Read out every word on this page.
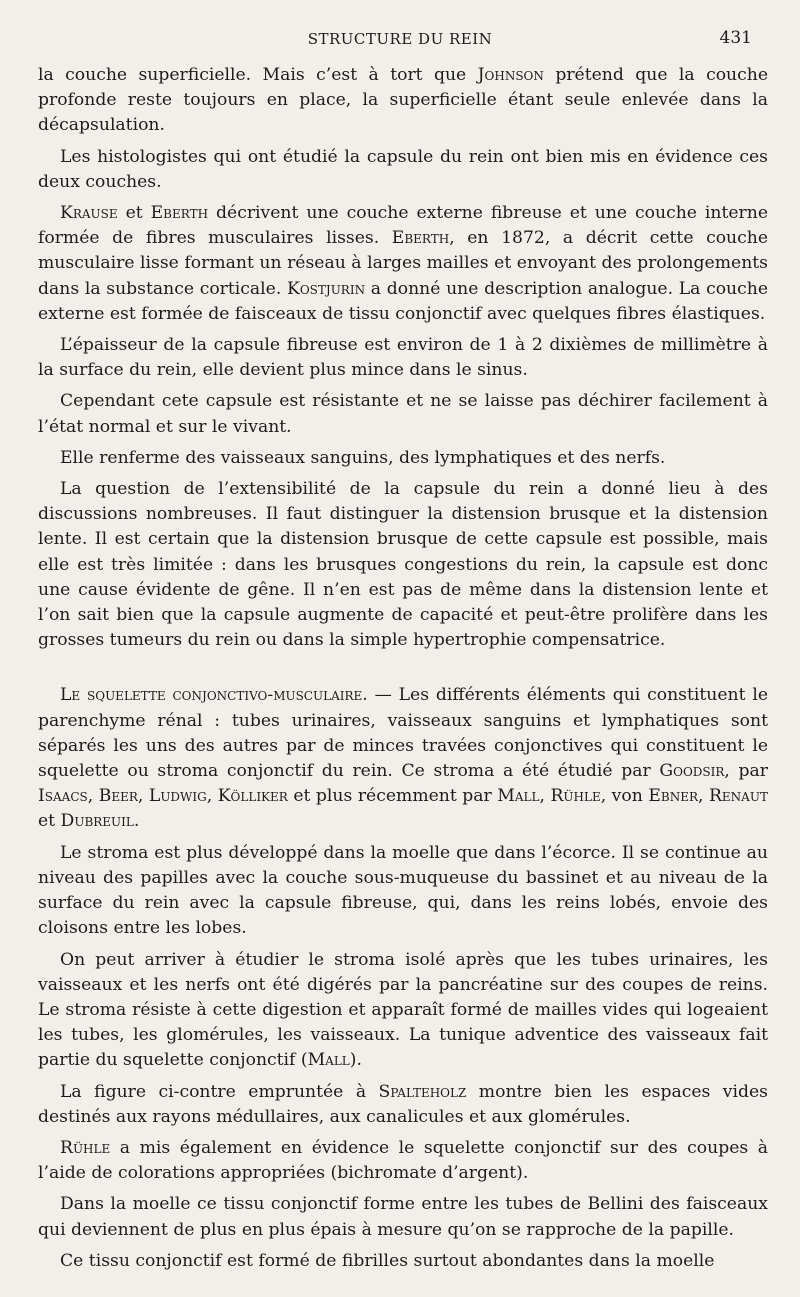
STRUCTURE DU REIN	431

la couche superficielle. Mais c’est à tort que Johnson prétend que la couche profonde reste toujours en place, la superficielle étant seule enlevée dans la décapsulation.

Les histologistes qui ont étudié la capsule du rein ont bien mis en évidence ces deux couches.

Krause et Eberth décrivent une couche externe fibreuse et une couche interne formée de fibres musculaires lisses. Eberth, en 1872, a décrit cette couche musculaire lisse formant un réseau à larges mailles et envoyant des prolongements dans la substance corticale. Kostjurin a donné une description analogue. La couche externe est formée de faisceaux de tissu conjonctif avec quelques fibres élastiques.

L’épaisseur de la capsule fibreuse est environ de 1 à 2 dixièmes de millimètre à la surface du rein, elle devient plus mince dans le sinus.

Cependant cete capsule est résistante et ne se laisse pas déchirer facilement à l’état normal et sur le vivant.

Elle renferme des vaisseaux sanguins, des lymphatiques et des nerfs.

La question de l’extensibilité de la capsule du rein a donné lieu à des discussions nombreuses. Il faut distinguer la distension brusque et la distension lente. Il est certain que la distension brusque de cette capsule est possible, mais elle est très limitée : dans les brusques congestions du rein, la capsule est donc une cause évidente de gêne. Il n’en est pas de même dans la distension lente et l’on sait bien que la capsule augmente de capacité et peut-être prolifère dans les grosses tumeurs du rein ou dans la simple hypertrophie compensatrice.

Le squelette conjonctivo-musculaire. — Les différents éléments qui constituent le parenchyme rénal : tubes urinaires, vaisseaux sanguins et lymphatiques sont séparés les uns des autres par de minces travées conjonctives qui constituent le squelette ou stroma conjonctif du rein. Ce stroma a été étudié par Goodsir, par Isaacs, Beer, Ludwig, Kölliker et plus récemment par Mall, Rühle, von Ebner, Renaut et Dubreuil.

Le stroma est plus développé dans la moelle que dans l’écorce. Il se continue au niveau des papilles avec la couche sous-muqueuse du bassinet et au niveau de la surface du rein avec la capsule fibreuse, qui, dans les reins lobés, envoie des cloisons entre les lobes.

On peut arriver à étudier le stroma isolé après que les tubes urinaires, les vaisseaux et les nerfs ont été digérés par la pancréatine sur des coupes de reins. Le stroma résiste à cette digestion et apparaît formé de mailles vides qui logeaient les tubes, les glomérules, les vaisseaux. La tunique adventice des vaisseaux fait partie du squelette conjonctif (Mall).

La figure ci-contre empruntée à Spalteholz montre bien les espaces vides destinés aux rayons médullaires, aux canalicules et aux glomérules.

Rühle a mis également en évidence le squelette conjonctif sur des coupes à l’aide de colorations appropriées (bichromate d’argent).

Dans la moelle ce tissu conjonctif forme entre les tubes de Bellini des faisceaux qui deviennent de plus en plus épais à mesure qu’on se rapproche de la papille.

Ce tissu conjonctif est formé de fibrilles surtout abondantes dans la moelle
